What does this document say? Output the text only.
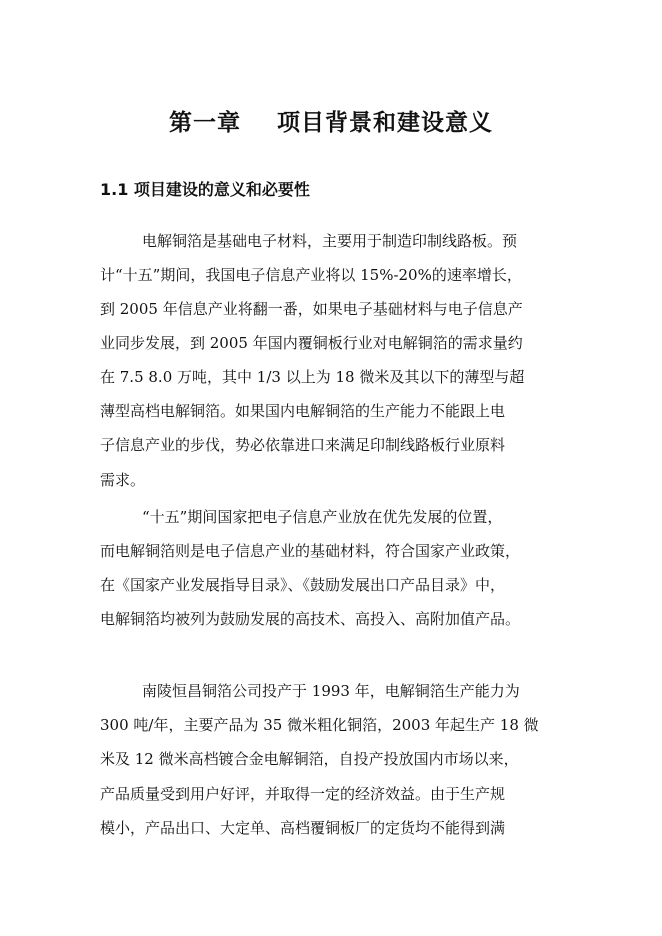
第一章    项目背景和建设意义
1.1 项目建设的意义和必要性

电解铜箔是基础电子材料，主要用于制造印制线路板。预

计“十五”期间，我国电子信息产业将以 15%-20%的速率增长，

到 2005 年信息产业将翻一番，如果电子基础材料与电子信息产

业同步发展，到 2005 年国内覆铜板行业对电解铜箔的需求量约

在 7.5 8.0 万吨，其中 1/3 以上为 18 微米及其以下的薄型与超

薄型高档电解铜箔。如果国内电解铜箔的生产能力不能跟上电

子信息产业的步伐，势必依靠进口来满足印制线路板行业原料

需求。

“十五”期间国家把电子信息产业放在优先发展的位置，

而电解铜箔则是电子信息产业的基础材料，符合国家产业政策，

在《国家产业发展指导目录》、《鼓励发展出口产品目录》中，

电解铜箔均被列为鼓励发展的高技术、高投入、高附加值产品。

南陵恒昌铜箔公司投产于 1993 年，电解铜箔生产能力为

300 吨/年，主要产品为 35 微米粗化铜箔，2003 年起生产 18 微

米及 12 微米高档镀合金电解铜箔，自投产投放国内市场以来，

产品质量受到用户好评，并取得一定的经济效益。由于生产规

模小，产品出口、大定单、高档覆铜板厂的定货均不能得到满
